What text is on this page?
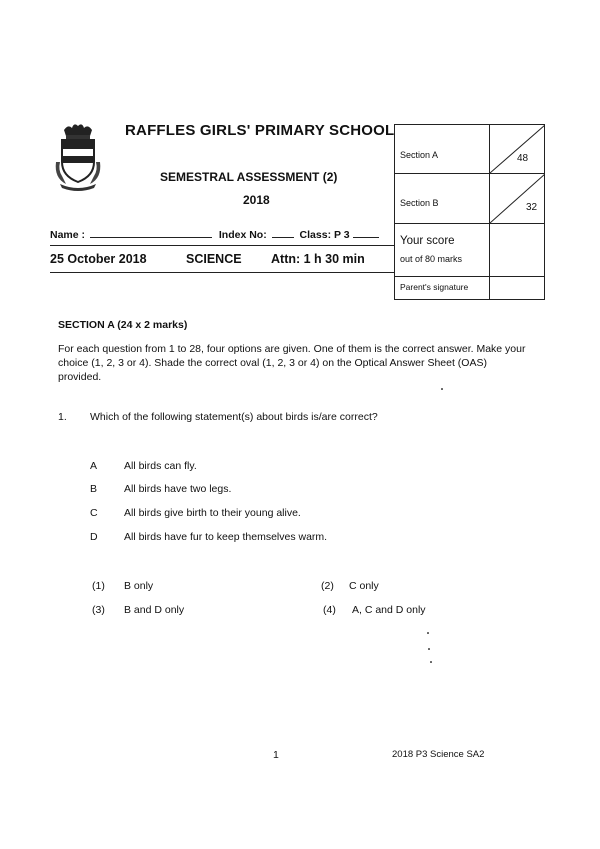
RAFFLES GIRLS' PRIMARY SCHOOL
SEMESTRAL ASSESSMENT (2)
2018
Name :	Index No:	Class: P 3
25 October 2018	SCIENCE Attn: 1 h 30 min
Section A	48
Section B	32
Your score
out of 80 marks
Parent's signature
SECTION A (24 x 2 marks)
For each question from 1 to 28, four options are given. One of them is the correct answer. Make your choice (1, 2, 3 or 4). Shade the correct oval (1, 2, 3 or 4) on the Optical Answer Sheet (OAS) provided.
1. Which of the following statement(s) about birds is/are correct?
A	All birds can fly.
B	All birds have two legs.
C	All birds give birth to their young alive.
D	All birds have fur to keep themselves warm.
(1) B only	(2) C only
(3) B and D only	(4) A, C and D only
1	2018 P3 Science SA2
